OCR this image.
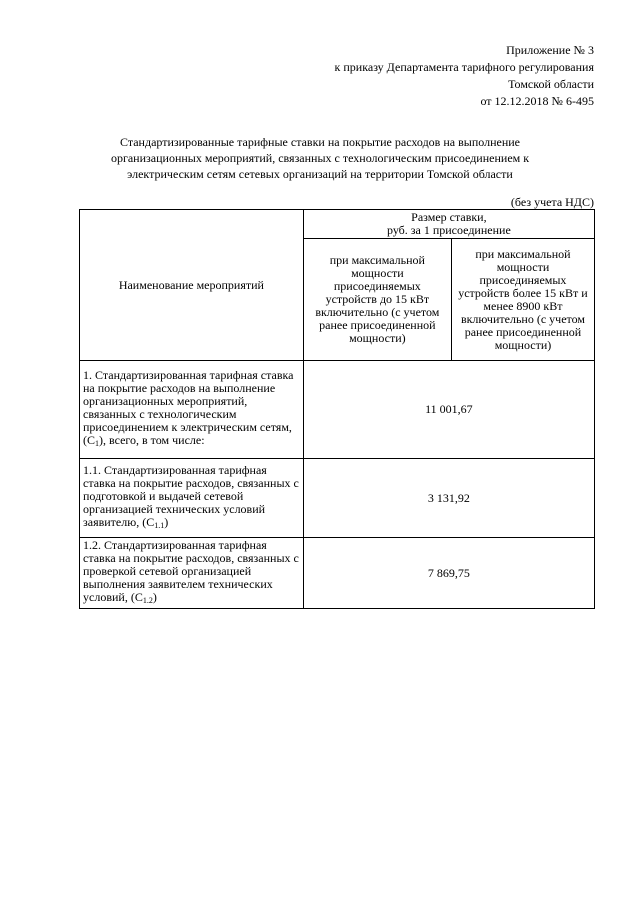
Приложение № 3
к приказу Департамента тарифного регулирования
Томской области
от 12.12.2018 № 6-495
Стандартизированные тарифные ставки на покрытие расходов на выполнение
организационных мероприятий, связанных с технологическим присоединением к
электрическим сетям сетевых организаций на территории Томской области
(без учета НДС)
Наименование мероприятий	Размер ставки,
руб. за 1 присоединение	

	при максимальной мощности присоединяемых устройств до 15 кВт включительно (с учетом ранее присоединенной мощности)	при максимальной мощности присоединяемых устройств более 15 кВт и менее 8900 кВт включительно (с учетом ранее присоединенной мощности)
1. Стандартизированная тарифная ставка на покрытие расходов на выполнение организационных мероприятий, связанных с технологическим присоединением к электрическим сетям, $(С_1)$, всего, в том числе:	11 001,67	
1.1. Стандартизированная тарифная ставка на покрытие расходов, связанных с подготовкой и выдачей сетевой организацией технических условий заявителю, $(С_{1.1})$	3 131,92	
1.2. Стандартизированная тарифная ставка на покрытие расходов, связанных с проверкой сетевой организацией выполнения заявителем технических условий, $(С_{1.2})$	7 869,75	
